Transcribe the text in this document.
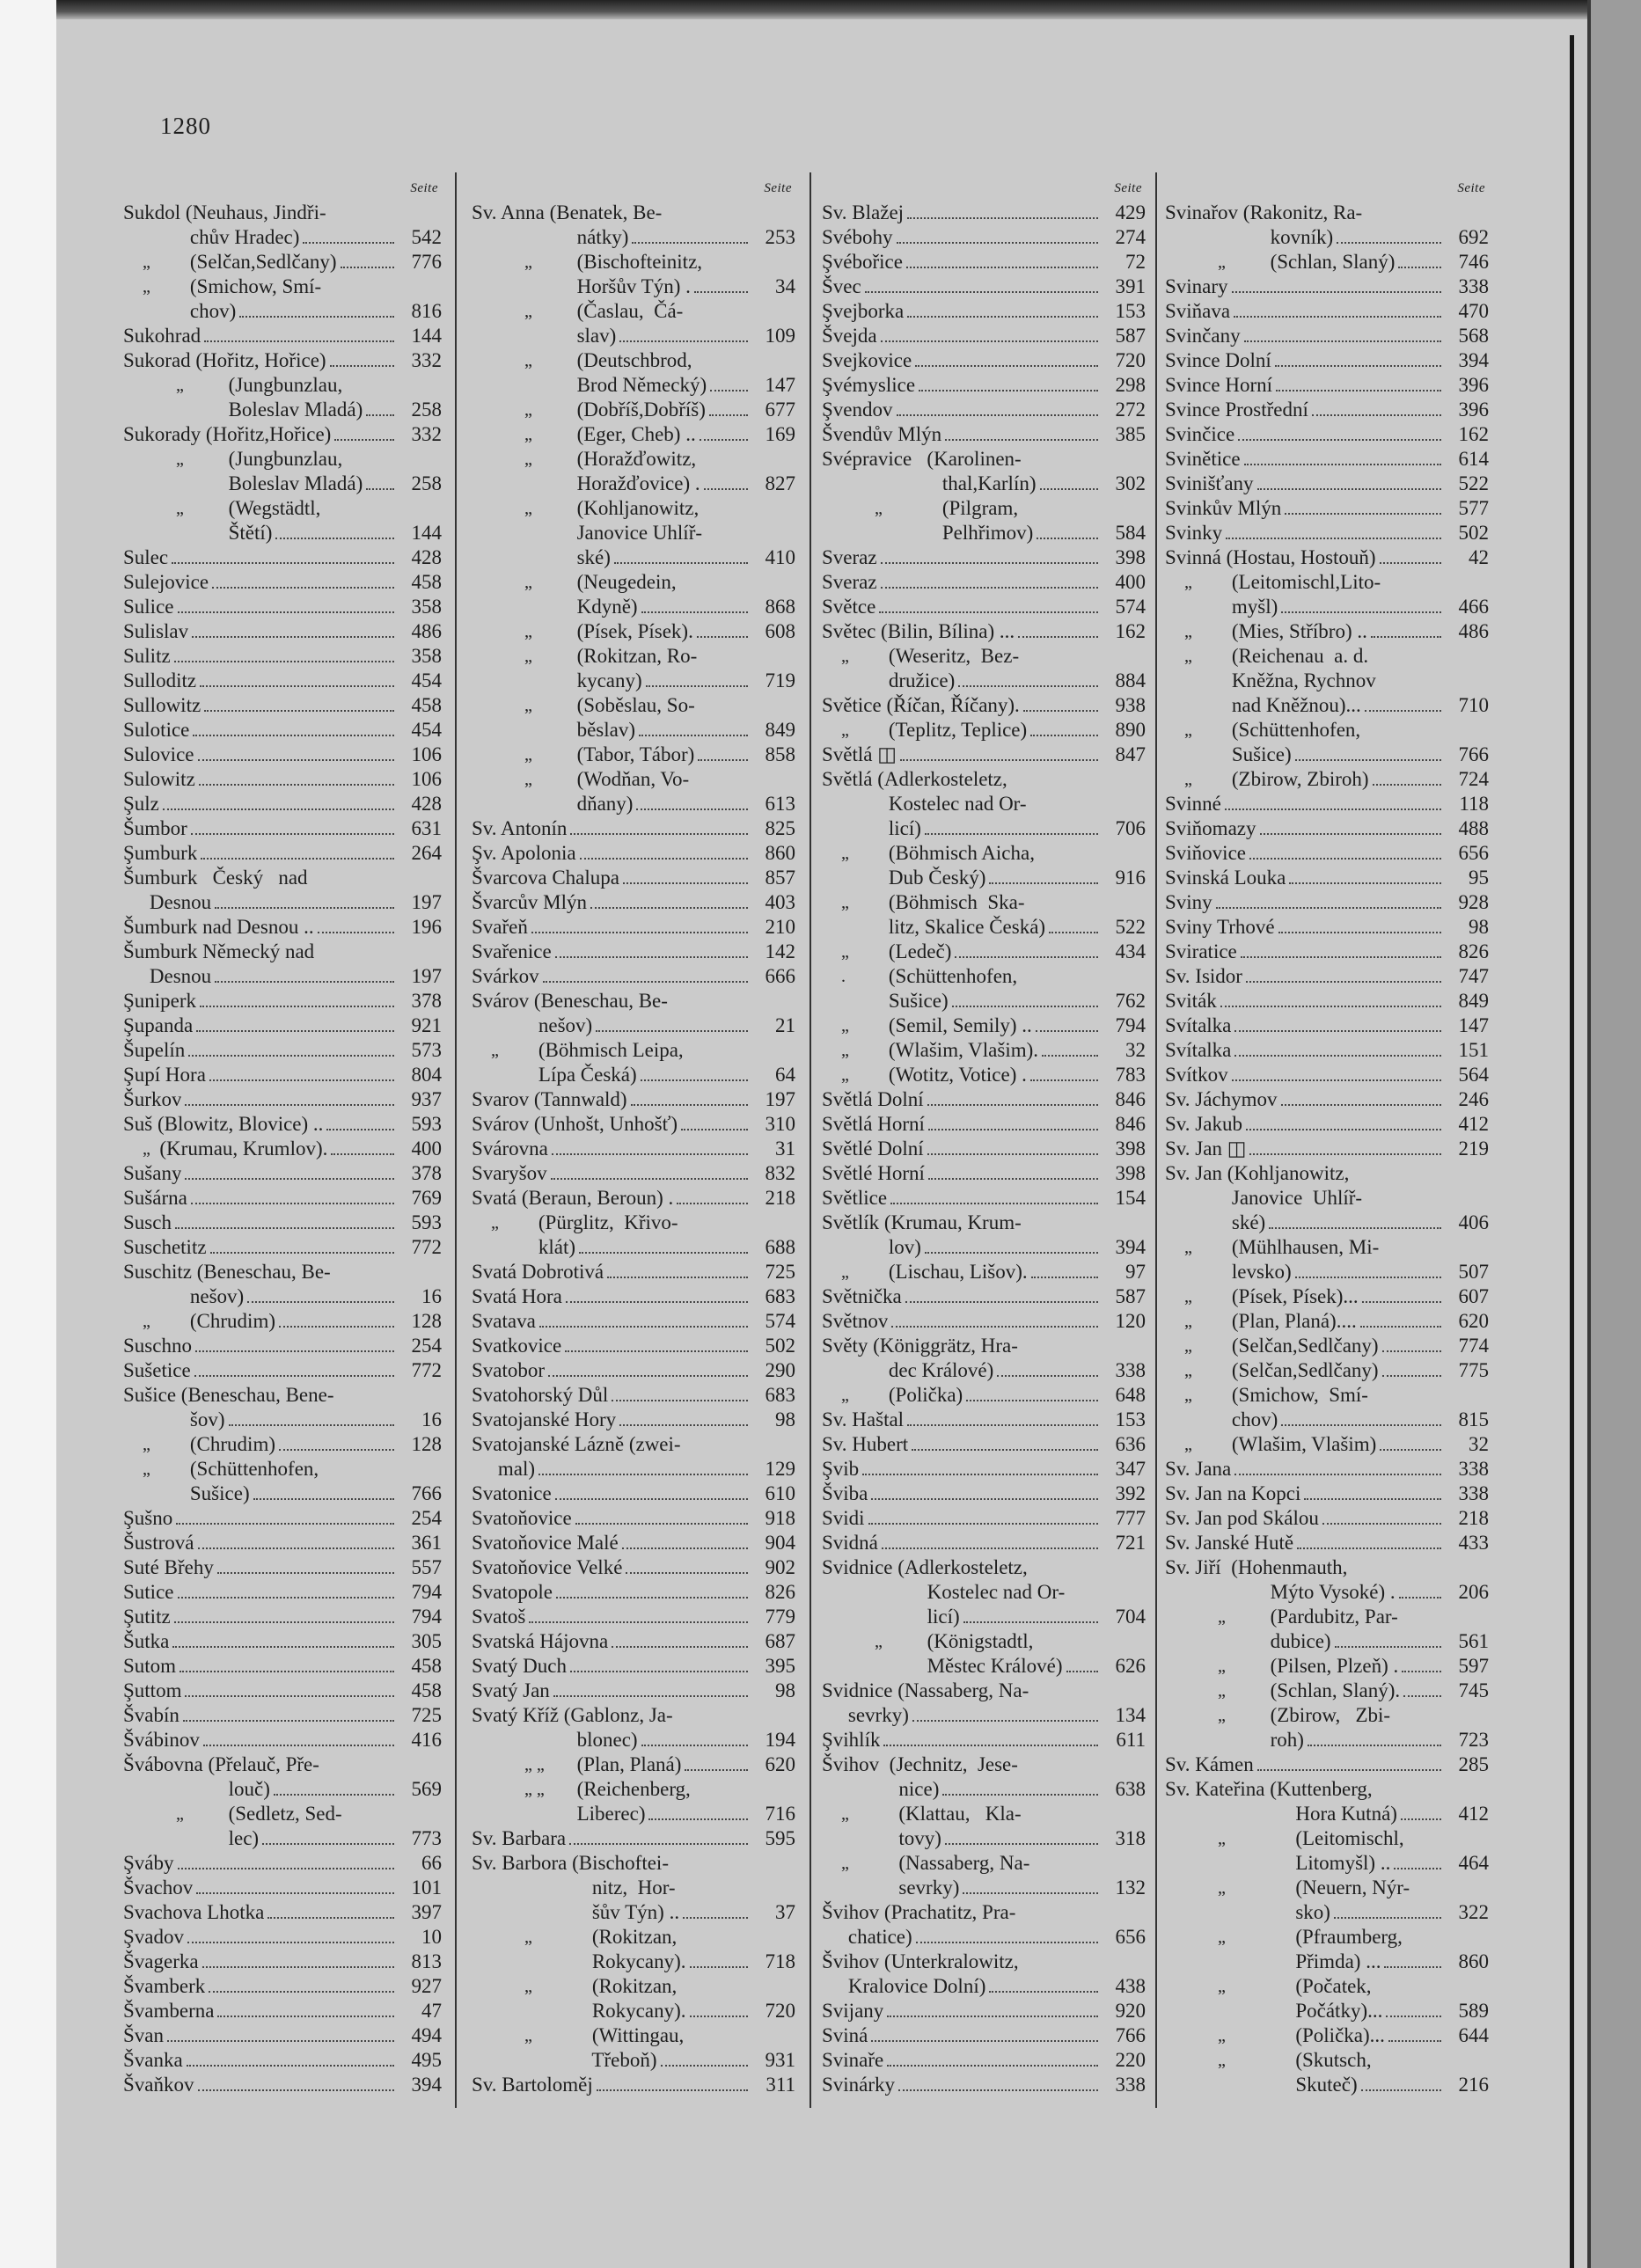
1280
Seite
Sukdol (Neuhaus, Jindři-
chův Hradec)	542
„	(Selčan,Sedlčany)	776
„	(Smichow, Smí-
chov)	816
Sukohrad	144
Sukorad (Hořitz, Hořice)	332
„	(Jungbunzlau,
Boleslav Mladá)	258
Sukorady (Hořitz,Hořice)	332
„	(Jungbunzlau,
Boleslav Mladá)	258
„	(Wegstädtl,
Štětí)	144
Sulec	428
Sulejovice	458
Sulice	358
Sulislav	486
Sulitz	358
Sulloditz	454
Sullowitz	458
Sulotice	454
Sulovice	106
Sulowitz	106
Şulz	428
Šumbor	631
Şumburk	264
Šumburk   Český   nad
Desnou	197
Šumburk nad Desnou ..	196
Šumburk Německý nad
Desnou	197
Şuniperk	378
Şupanda	921
Šupelín	573
Şupí Hora	804
Šurkov	937
Suš (Blowitz, Blovice) ..	593
„ (Krumau, Krumlov).	400
Sušany	378
Sušárna	769
Susch	593
Suschetitz	772
Suschitz (Beneschau, Be-
nešov)	16
„	(Chrudim)	128
Suschno	254
Sušetice	772
Sušice (Beneschau, Bene-
šov)	16
„	(Chrudim)	128
„	(Schüttenhofen,
Sušice)	766
Şušno	254
Šustrová	361
Suté Břehy	557
Sutice	794
Şutitz	794
Šutka	305
Sutom	458
Şuttom	458
Švabín	725
Švábinov	416
Švábovna (Přelauč, Pře-
louč)	569
„	(Sedletz, Sed-
lec)	773
Şváby	66
Švachov	101
Svachova Lhotka	397
Şvadov	10
Švagerka	813
Švamberk	927
Švamberna	47
Švan	494
Švanka	495
Švaňkov	394
Seite
Sv. Anna (Benatek, Be-
nátky)	253
„	(Bischofteinitz,
Horšův Týn) .	34
„	(Časlau,  Čá-
slav)	109
„	(Deutschbrod,
Brod Německý)	147
„	(Dobříš,Dobříš)	677
„	(Eger, Cheb) ..	169
„	(Horažďowitz,
Horažďovice) .	827
„	(Kohljanowitz,
Janovice Uhlíř-
ské)	410
„	(Neugedein,
Kdyně)	868
„	(Písek, Písek).	608
„	(Rokitzan, Ro-
kycany)	719
„	(Soběslau, So-
běslav)	849
„	(Tabor, Tábor)	858
„	(Wodňan, Vo-
dňany)	613
Sv. Antonín	825
Şv. Apolonia	860
Švarcova Chalupa	857
Švarcův Mlýn	403
Svařeň	210
Svařenice	142
Svárkov	666
Svárov (Beneschau, Be-
nešov)	21
„	(Böhmisch Leipa,
Lípa Česká)	64
Svarov (Tannwald)	197
Svárov (Unhošt, Unhošť)	310
Svárovna	31
Svaryšov	832
Svatá (Beraun, Beroun) .	218
„	(Pürglitz,  Křivo-
klát)	688
Svatá Dobrotivá	725
Svatá Hora	683
Svatava	574
Svatkovice	502
Svatobor	290
Svatohorský Důl	683
Svatojanské Hory	98
Svatojanské Lázně (zwei-
mal)	129
Svatonice	610
Svatoňovice	918
Svatoňovice Malé	904
Svatoňovice Velké	902
Svatopole	826
Svatoš	779
Svatská Hájovna	687
Svatý Duch	395
Svatý Jan	98
Svatý Kříž (Gablonz, Ja-
blonec)	194
„ „	(Plan, Planá)	620
„ „	(Reichenberg,
Liberec)	716
Sv. Barbara	595
Sv. Barbora (Bischoftei-
nitz,  Hor-
šův Týn) ..	37
„	(Rokitzan,
Rokycany).	718
„	(Rokitzan,
Rokycany).	720
„	(Wittingau,
Třeboň)	931
Sv. Bartoloměj	311
Seite
Sv. Blažej	429
Svébohy	274
Şvébořice	72
Švec	391
Şvejborka	153
Švejda	587
Svejkovice	720
Şvémyslice	298
Şvendov	272
Švendův Mlýn	385
Svépravice   (Karolinen-
thal,Karlín)	302
„	(Pilgram,
Pelhřimov)	584
Sveraz	398
Sveraz	400
Světce	574
Světec (Bilin, Bílina) ...	162
„	(Weseritz,  Bez-
družice)	884
Světice (Říčan, Říčany).	938
„	(Teplitz, Teplice)	890
Světlá ◫	847
Světlá (Adlerkosteletz,
Kostelec nad Or-
licí)	706
„	(Böhmisch Aicha,
Dub Český)	916
„	(Böhmisch  Ska-
litz, Skalice Česká)	522
„	(Ledeč)	434
.	(Schüttenhofen,
Sušice)	762
„	(Semil, Semily) ..	794
„	(Wlašim, Vlašim).	32
„	(Wotitz, Votice) .	783
Světlá Dolní	846
Světlá Horní	846
Světlé Dolní	398
Světlé Horní	398
Světlice	154
Světlík (Krumau, Krum-
lov)	394
„	(Lischau, Lišov).	97
Světnička	587
Světnov	120
Světy (Königgrätz, Hra-
dec Králové)	338
„	(Polička)	648
Sv. Haštal	153
Sv. Hubert	636
Şvib	347
Šviba	392
Svidi	777
Svidná	721
Svidnice (Adlerkosteletz,
Kostelec nad Or-
licí)	704
„	(Königstadtl,
Městec Králové)	626
Svidnice (Nassaberg, Na-
sevrky)	134
Şvihlík	611
Švihov  (Jechnitz,  Jese-
nice)	638
„	(Klattau,   Kla-
tovy)	318
„	(Nassaberg, Na-
sevrky)	132
Švihov (Prachatitz, Pra-
chatice)	656
Švihov (Unterkralowitz,
Kralovice Dolní)	438
Svijany	920
Sviná	766
Svinaře	220
Svinárky	338
Seite
Svinařov (Rakonitz, Ra-
kovník)	692
„	(Schlan, Slaný)	746
Svinary	338
Sviňava	470
Svinčany	568
Svince Dolní	394
Svince Horní	396
Svince Prostřední	396
Svinčice	162
Svinětice	614
Svinišťany	522
Svinkův Mlýn	577
Svinky	502
Svinná (Hostau, Hostouň)	42
„	(Leitomischl,Lito-
myšl)	466
„	(Mies, Stříbro) ..	486
„	(Reichenau  a. d.
Kněžna, Rychnov
nad Kněžnou)...	710
„	(Schüttenhofen,
Sušice)	766
„	(Zbirow, Zbiroh)	724
Svinné	118
Sviňomazy	488
Sviňovice	656
Svinská Louka	95
Sviny	928
Sviny Trhové	98
Sviratice	826
Sv. Isidor	747
Sviták	849
Svítalka	147
Svítalka	151
Svítkov	564
Sv. Jáchymov	246
Sv. Jakub	412
Sv. Jan ◫	219
Sv. Jan (Kohljanowitz,
Janovice  Uhlíř-
ské)	406
„	(Mühlhausen, Mi-
levsko)	507
„	(Písek, Písek)...	607
„	(Plan, Planá)....	620
„	(Selčan,Sedlčany)	774
„	(Selčan,Sedlčany)	775
„	(Smichow,  Smí-
chov)	815
„	(Wlašim, Vlašim)	32
Sv. Jana	338
Sv. Jan na Kopci	338
Sv. Jan pod Skálou	218
Sv. Janské Hutě	433
Sv. Jiří  (Hohenmauth,
Mýto Vysoké) .	206
„	(Pardubitz, Par-
dubice)	561
„	(Pilsen, Plzeň) .	597
„	(Schlan, Slaný).	745
„	(Zbirow,   Zbi-
roh)	723
Sv. Kámen	285
Sv. Kateřina (Kuttenberg,
Hora Kutná)	412
„	(Leitomischl,
Litomyšl) ..	464
„	(Neuern, Nýr-
sko)	322
„	(Pfraumberg,
Přimda) ...	860
„	(Počatek,
Počátky)...	589
„	(Polička)...	644
„	(Skutsch,
Skuteč)	216
